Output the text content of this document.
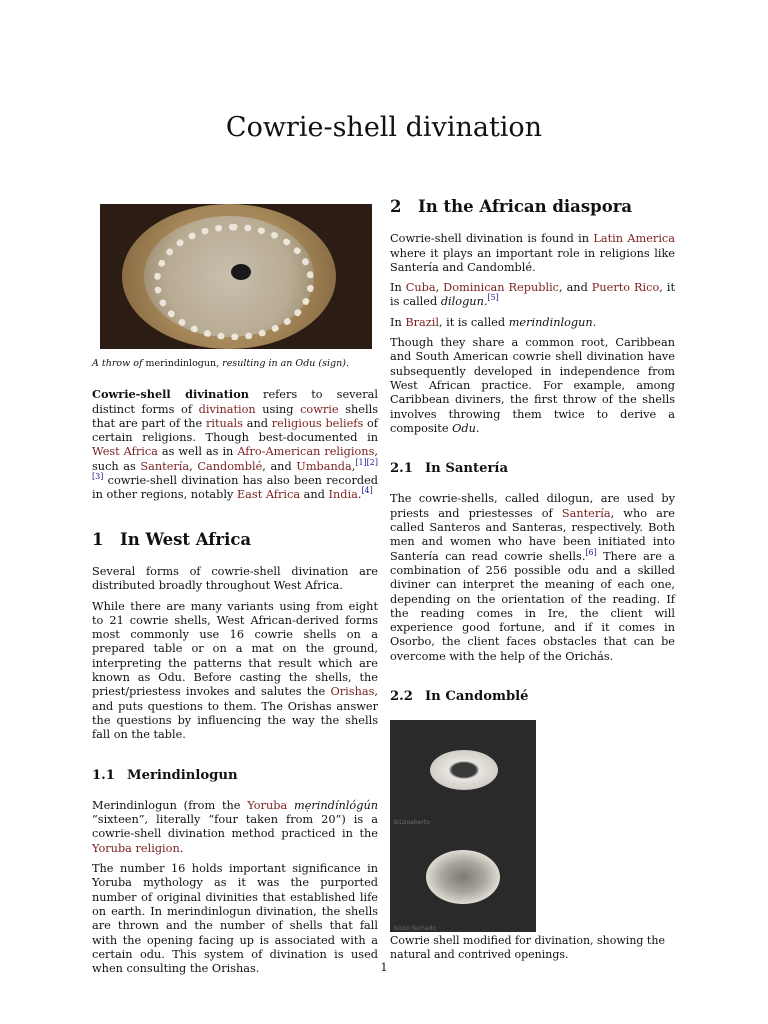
Cowrie-shell divination
A throw of merindinlogun, resulting in an Odu (sign).

Cowrie-shell divination refers to several distinct forms of divination using cowrie shells that are part of the rituals and religious beliefs of certain religions. Though best-documented in West Africa as well as in Afro-American religions, such as Santería, Candomblé, and Umbanda,[1][2][3] cowrie-shell divination has also been recorded in other regions, notably East Africa and India.[4]

1 In West Africa

Several forms of cowrie-shell divination are distributed broadly throughout West Africa.

While there are many variants using from eight to 21 cowrie shells, West African-derived forms most commonly use 16 cowrie shells on a prepared table or on a mat on the ground, interpreting the patterns that result which are known as Odu. Before casting the shells, the priest/priestess invokes and salutes the Orishas, and puts questions to them. The Orishas answer the questions by influencing the way the shells fall on the table.

1.1 Merindinlogun

Merindinlogun (from the Yoruba mẹrindínlógún “sixteen”, literally “four taken from 20”) is a cowrie-shell divination method practiced in the Yoruba religion.

The number 16 holds important significance in Yoruba mythology as it was the purported number of original divinities that established life on earth. In merindinlogun divination, the shells are thrown and the number of shells that fall with the opening facing up is associated with a certain odu. This system of divination is used when consulting the Orishas.

2 In the African diaspora

Cowrie-shell divination is found in Latin America where it plays an important role in religions like Santería and Candomblé.

In Cuba, Dominican Republic, and Puerto Rico, it is called dilogun.[5]

In Brazil, it is called merindinlogun.

Though they share a common root, Caribbean and South American cowrie shell divination have subsequently developed in independence from West African practice. For example, among Caribbean diviners, the first throw of the shells involves throwing them twice to derive a composite Odu.

2.1 In Santería

The cowrie-shells, called dilogun, are used by priests and priestesses of Santería, who are called Santeros and Santeras, respectively. Both men and women who have been initiated into Santería can read cowrie shells.[6] There are a combination of 256 possible odu and a skilled diviner can interpret the meaning of each one, depending on the orientation of the reading. If the reading comes in Ire, the client will experience good fortune, and if it comes in Osorbo, the client faces obstacles that can be overcome with the help of the Orichás.

2.2 In Candomblé
búzioaberto
búzio fechado
Cowrie shell modified for divination, showing the natural and contrived openings.
1
